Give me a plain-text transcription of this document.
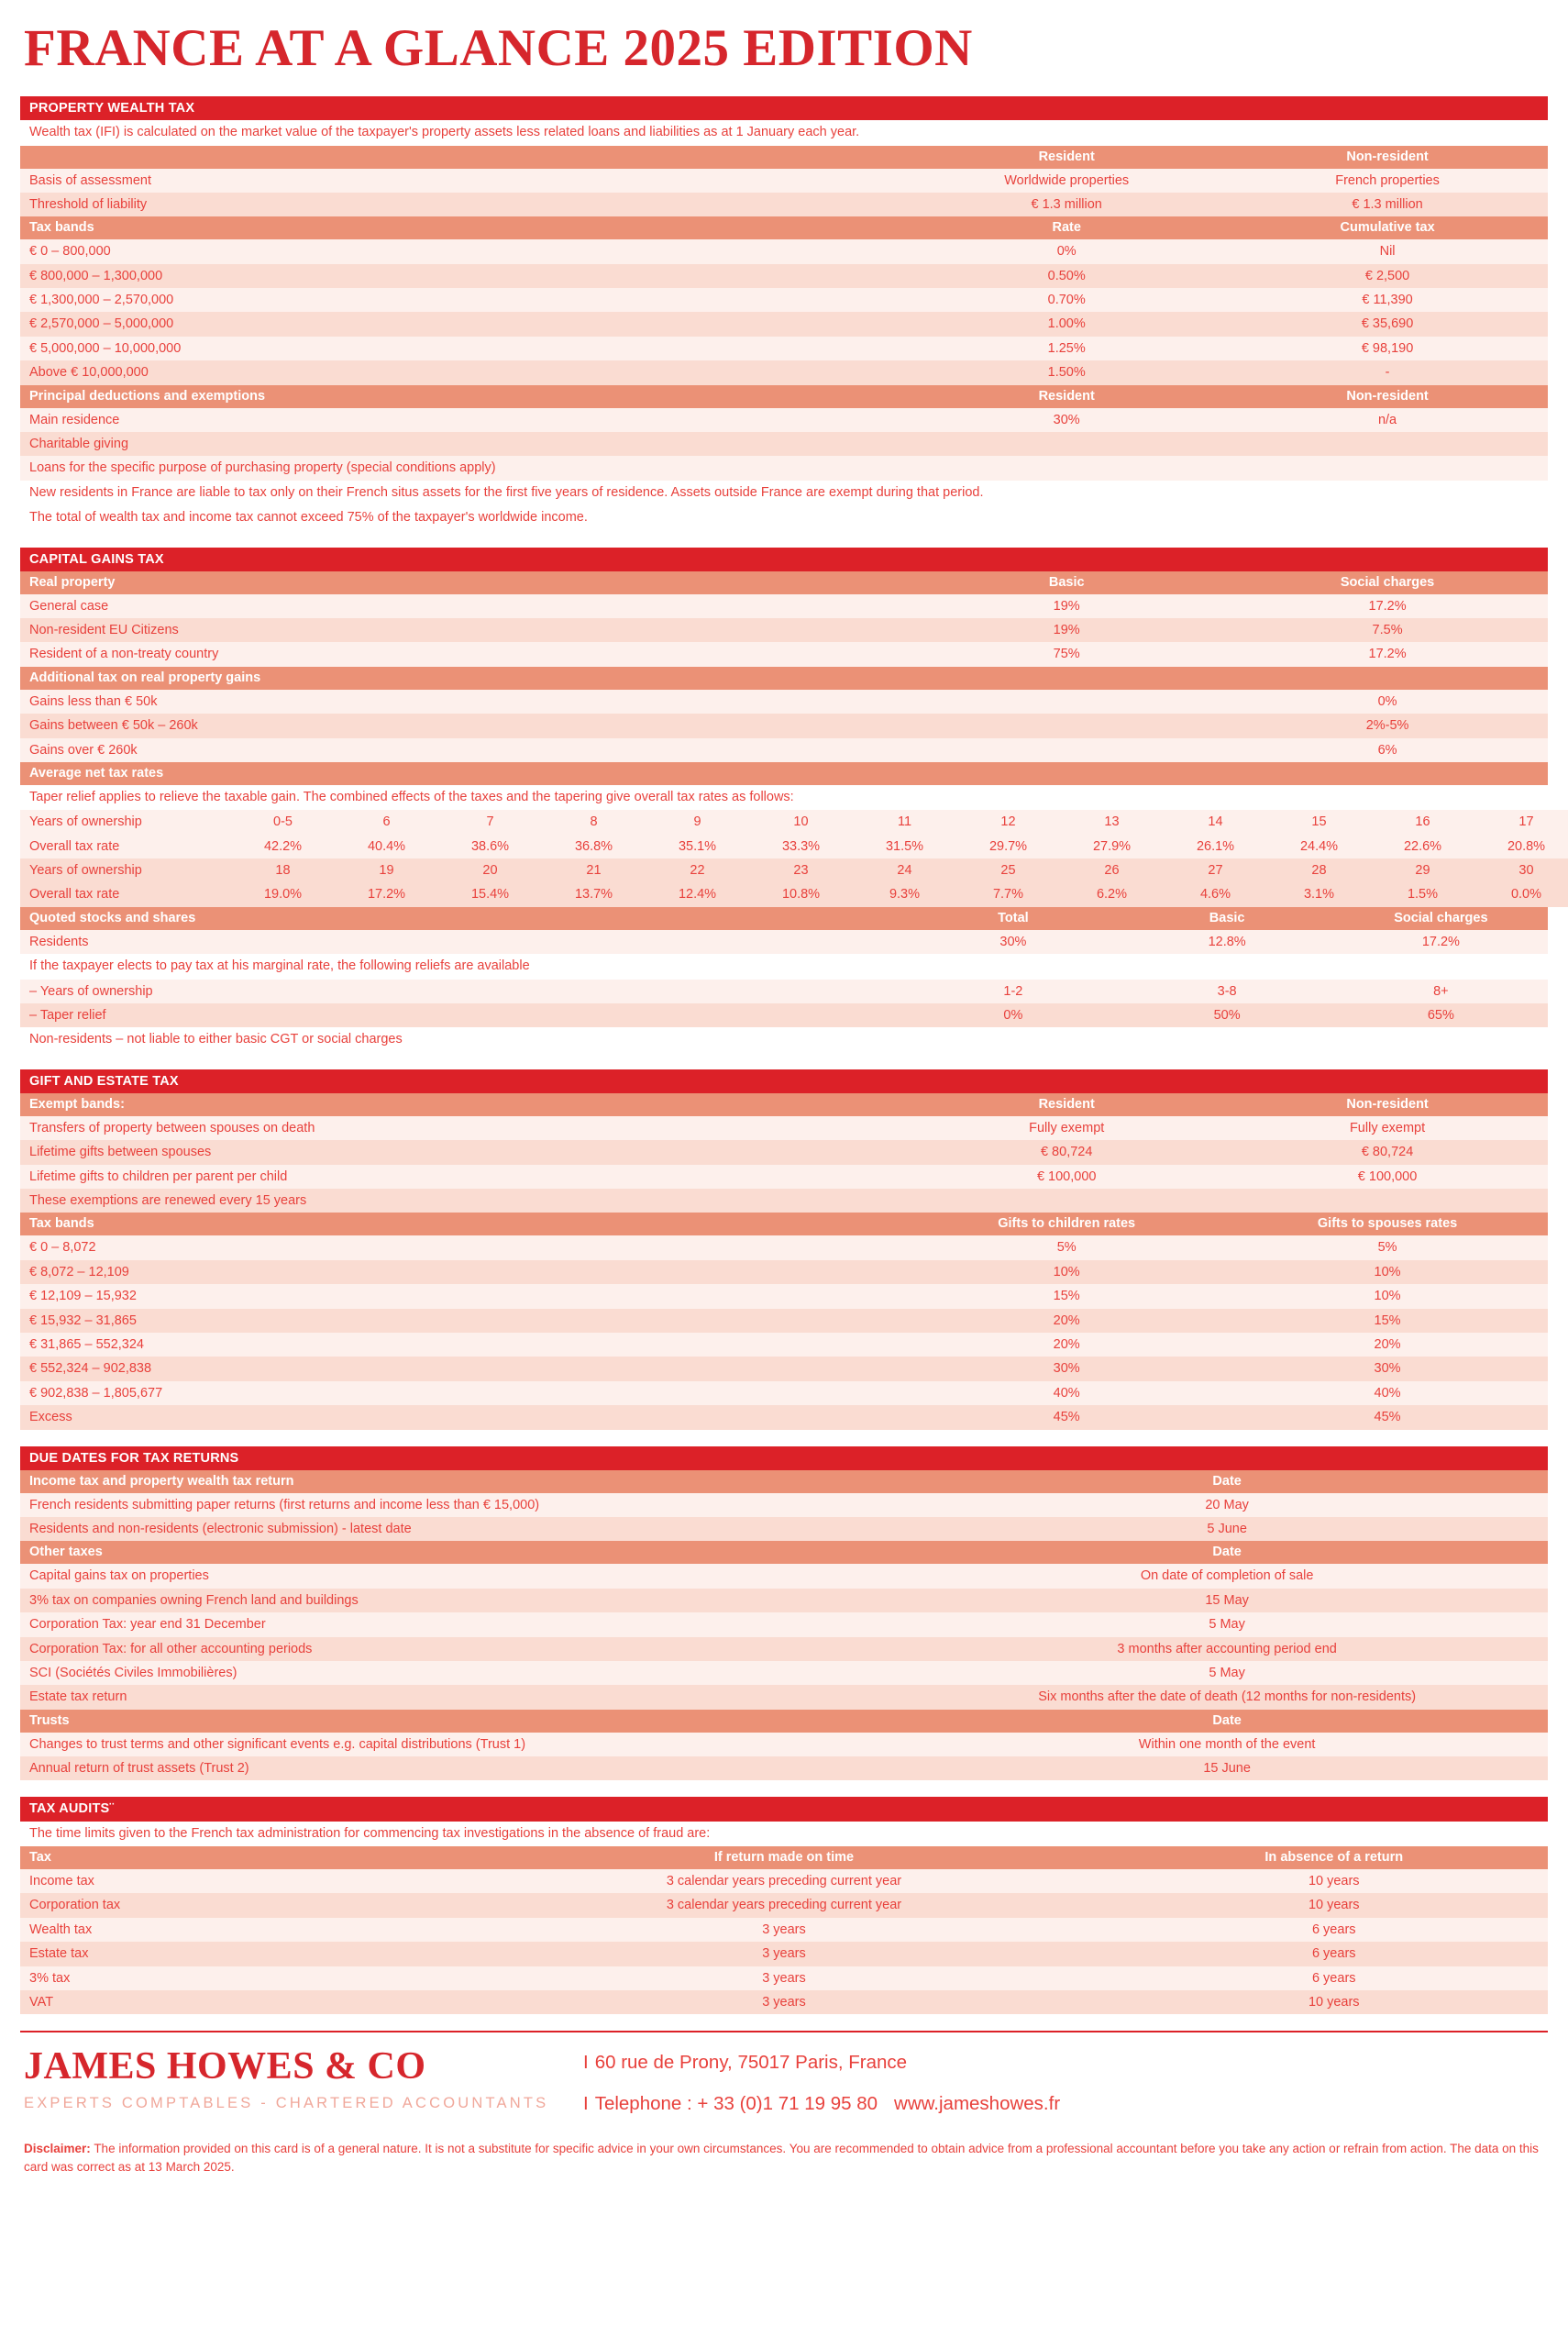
FRANCE AT A GLANCE 2025 EDITION
PROPERTY WEALTH TAX
Wealth tax (IFI) is calculated on the market value of the taxpayer's property assets less related loans and liabilities as at 1 January each year.
	Resident	Non-resident
Basis of assessment	Worldwide properties	French properties
Threshold of liability	€ 1.3 million	€ 1.3 million
Tax bands	Rate	Cumulative tax
€ 0 – 800,000	0%	Nil
€ 800,000 – 1,300,000	0.50%	€ 2,500
€ 1,300,000 – 2,570,000	0.70%	€ 11,390
€ 2,570,000 – 5,000,000	1.00%	€ 35,690
€ 5,000,000 – 10,000,000	1.25%	€ 98,190
Above € 10,000,000	1.50%	-
Principal deductions and exemptions	Resident	Non-resident
Main residence	30%	n/a
Charitable giving		
Loans for the specific purpose of purchasing property (special conditions apply)		
New residents in France are liable to tax only on their French situs assets for the first five years of residence. Assets outside France are exempt during that period.
The total of wealth tax and income tax cannot exceed 75% of the taxpayer's worldwide income.
CAPITAL GAINS TAX
Real property	Basic	Social charges
General case	19%	17.2%
Non-resident EU Citizens	19%	7.5%
Resident of a non-treaty country	75%	17.2%
Additional tax on real property gains		
Gains less than € 50k		0%
Gains between € 50k – 260k		2%-5%
Gains over € 260k		6%
Average net tax rates		
Taper relief applies to relieve the taxable gain. The combined effects of the taxes and the tapering give overall tax rates as follows:
Years of ownership	0-5	6	7	8	9	10	11	12	13	14	15	16	17	
Overall tax rate	42.2%	40.4%	38.6%	36.8%	35.1%	33.3%	31.5%	29.7%	27.9%	26.1%	24.4%	22.6%	20.8%	
Years of ownership	18	19	20	21	22	23	24	25	26	27	28	29	30	
Overall tax rate	19.0%	17.2%	15.4%	13.7%	12.4%	10.8%	9.3%	7.7%	6.2%	4.6%	3.1%	1.5%	0.0%	
Quoted stocks and shares	Total	Basic	Social charges
Residents	30%	12.8%	17.2%
If the taxpayer elects to pay tax at his marginal rate, the following reliefs are available
– Years of ownership	1-2	3-8	8+
– Taper relief	0%	50%	65%
Non-residents – not liable to either basic CGT or social charges
GIFT AND ESTATE TAX
Exempt bands:	Resident	Non-resident
Transfers of property between spouses on death	Fully exempt	Fully exempt
Lifetime gifts between spouses	€ 80,724	€ 80,724
Lifetime gifts to children per parent per child	€ 100,000	€ 100,000
These exemptions are renewed every 15 years		
Tax bands	Gifts to children rates	Gifts to spouses rates
€ 0 – 8,072	5%	5%
€ 8,072 – 12,109	10%	10%
€ 12,109 – 15,932	15%	10%
€ 15,932 – 31,865	20%	15%
€ 31,865 – 552,324	20%	20%
€ 552,324 – 902,838	30%	30%
€ 902,838 – 1,805,677	40%	40%
Excess	45%	45%
DUE DATES FOR TAX RETURNS
Income tax and property wealth tax return	Date
French residents submitting paper returns (first returns and income less than € 15,000)	20 May
Residents and non-residents (electronic submission) - latest date	5 June
Other taxes	Date
Capital gains tax on properties	On date of completion of sale
3% tax on companies owning French land and buildings	15 May
Corporation Tax: year end 31 December	5 May
Corporation Tax: for all other accounting periods	3 months after accounting period end
SCI (Sociétés Civiles Immobilières)	5 May
Estate tax return	Six months after the date of death (12 months for non-residents)
Trusts	Date
Changes to trust terms and other significant events e.g. capital distributions (Trust 1)	Within one month of the event
Annual return of trust assets (Trust 2)	15 June
TAX AUDITS¨
The time limits given to the French tax administration for commencing tax investigations in the absence of fraud are:
Tax	If return made on time	In absence of a return
Income tax	3 calendar years preceding current year	10 years
Corporation tax	3 calendar years preceding current year	10 years
Wealth tax	3 years	6 years
Estate tax	3 years	6 years
3% tax	3 years	6 years
VAT	3 years	10 years
JAMES HOWES & CO
EXPERTS COMPTABLES - CHARTERED ACCOUNTANTS
I 60 rue de Prony, 75017 Paris, France
I Telephone : + 33 (0)1 71 19 95 80 www.jameshowes.fr
Disclaimer: The information provided on this card is of a general nature. It is not a substitute for specific advice in your own circumstances. You are recommended to obtain advice from a professional accountant before you take any action or refrain from action. The data on this card was correct as at 13 March 2025.
